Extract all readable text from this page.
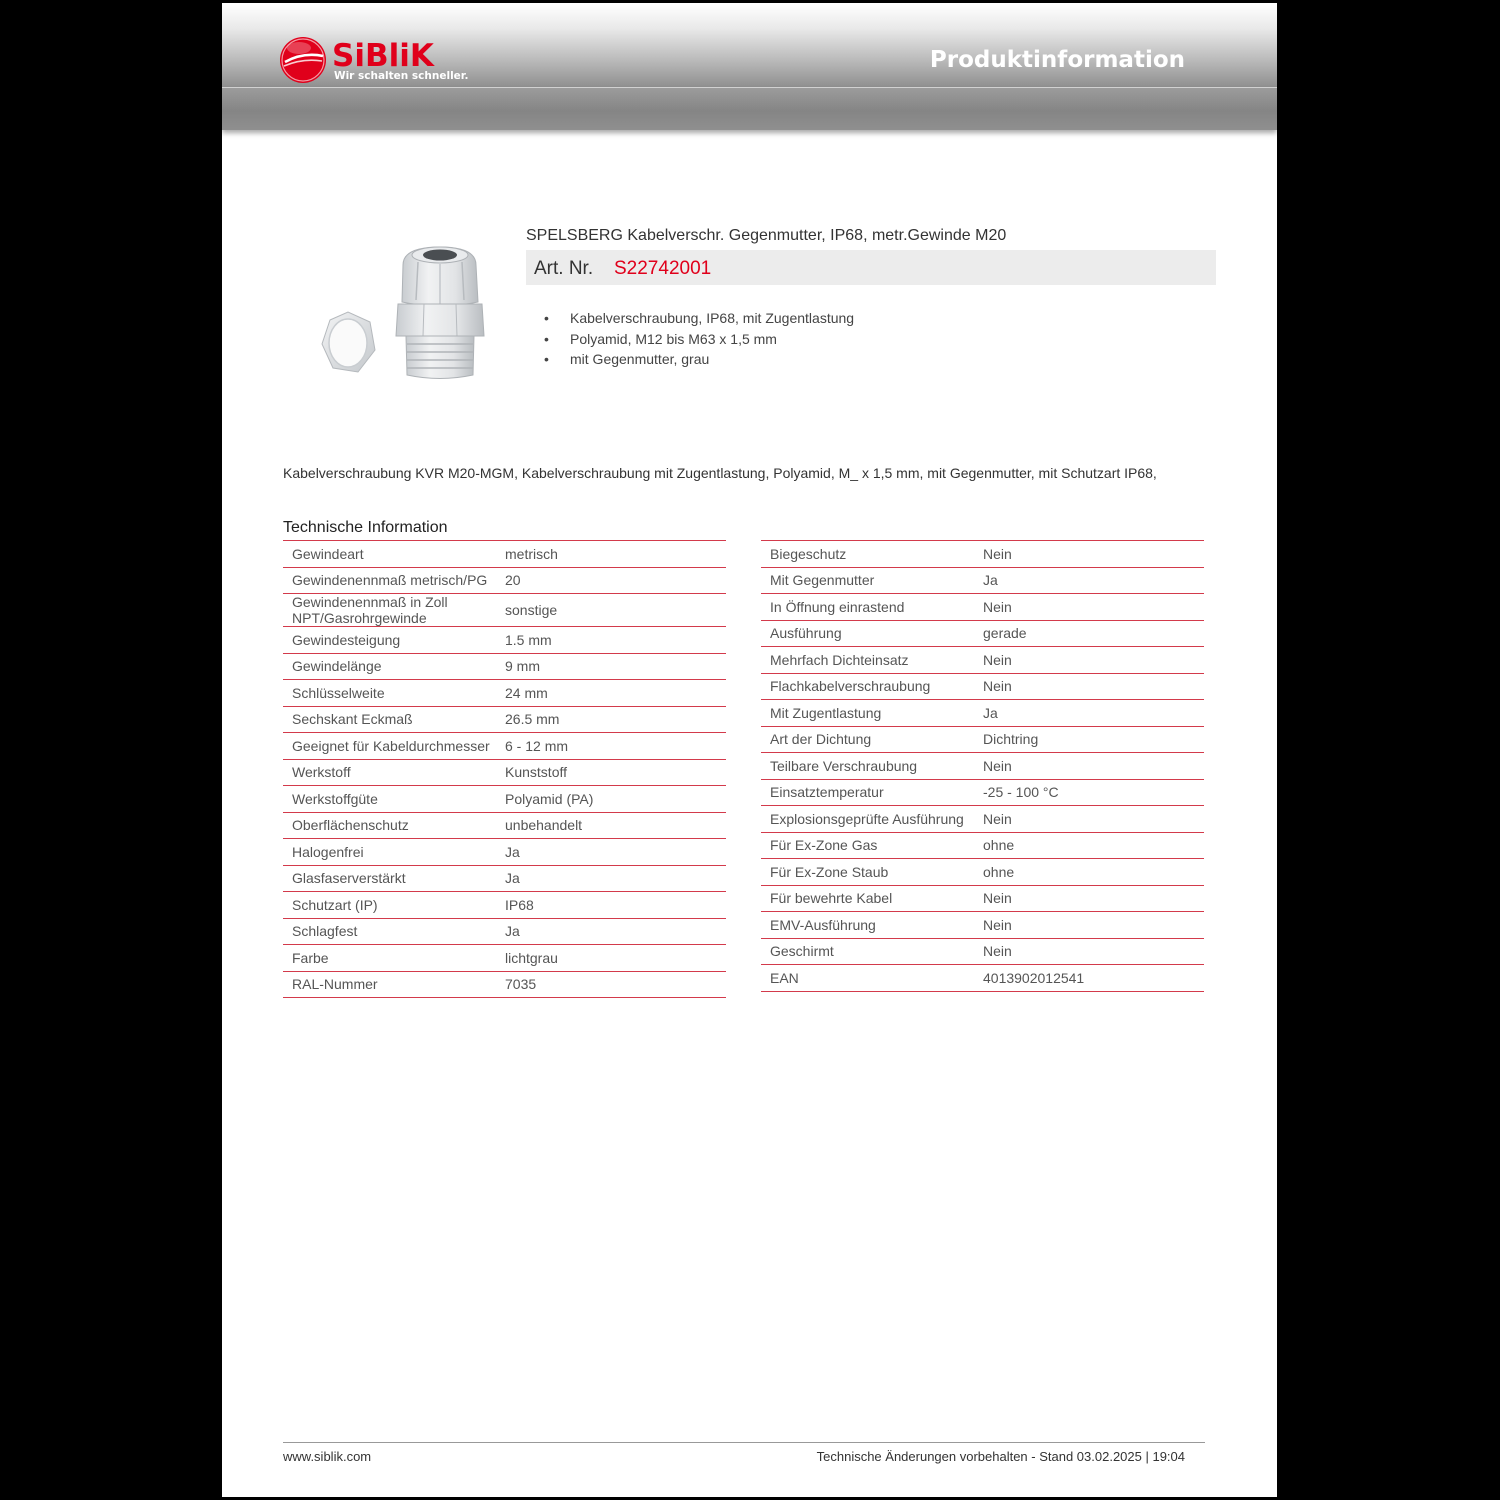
SiBliK
Wir schalten schneller.
Produktinformation
SPELSBERG Kabelverschr. Gegenmutter, IP68, metr.Gewinde M20
Art. Nr. S22742001
• Kabelverschraubung, IP68, mit Zugentlastung
• Polyamid, M12 bis M63 x 1,5 mm
• mit Gegenmutter, grau
Kabelverschraubung KVR M20-MGM, Kabelverschraubung mit Zugentlastung, Polyamid, M_ x 1,5 mm, mit Gegenmutter, mit Schutzart IP68,
Technische Information
Gewindeart	metrisch
Gewindenennmaß metrisch/PG	20
Gewindenennmaß in Zoll NPT/Gasrohrgewinde	sonstige
Gewindesteigung	1.5 mm
Gewindelänge	9 mm
Schlüsselweite	24 mm
Sechskant Eckmaß	26.5 mm
Geeignet für Kabeldurchmesser	6 - 12 mm
Werkstoff	Kunststoff
Werkstoffgüte	Polyamid (PA)
Oberflächenschutz	unbehandelt
Halogenfrei	Ja
Glasfaserverstärkt	Ja
Schutzart (IP)	IP68
Schlagfest	Ja
Farbe	lichtgrau
RAL-Nummer	7035
Biegeschutz	Nein
Mit Gegenmutter	Ja
In Öffnung einrastend	Nein
Ausführung	gerade
Mehrfach Dichteinsatz	Nein
Flachkabelverschraubung	Nein
Mit Zugentlastung	Ja
Art der Dichtung	Dichtring
Teilbare Verschraubung	Nein
Einsatztemperatur	-25 - 100 °C
Explosionsgeprüfte Ausführung	Nein
Für Ex-Zone Gas	ohne
Für Ex-Zone Staub	ohne
Für bewehrte Kabel	Nein
EMV-Ausführung	Nein
Geschirmt	Nein
EAN	4013902012541
www.siblik.com	Technische Änderungen vorbehalten - Stand 03.02.2025 | 19:04
